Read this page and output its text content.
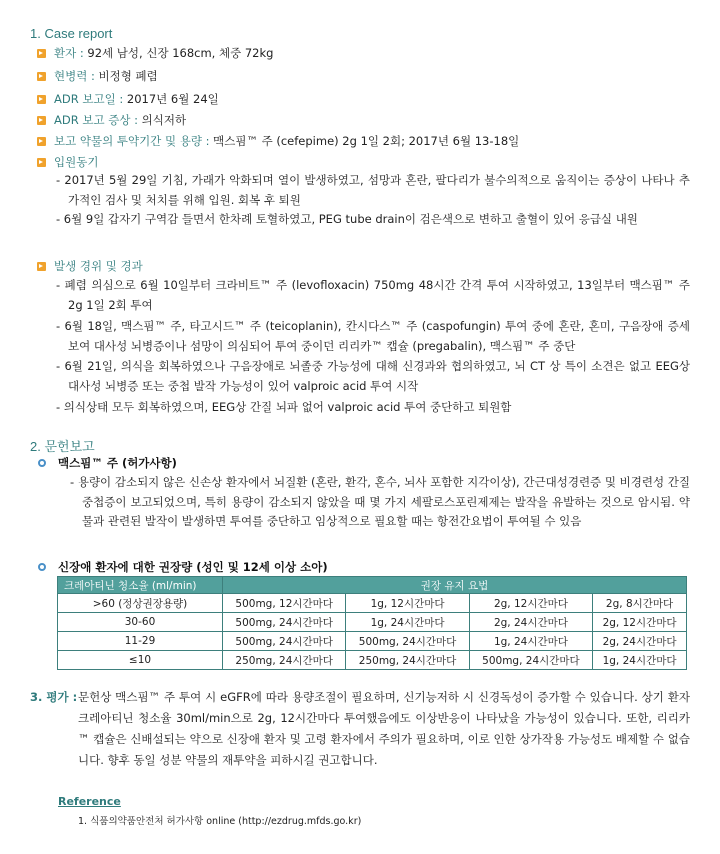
1. Case report
환자 : 92세 남성, 신장 168cm, 체중 72kg
현병력 : 비정형 폐렴
ADR 보고일 : 2017년 6월 24일
ADR 보고 증상 : 의식저하
보고 약물의 투약기간 및 용량 : 맥스핌™ 주 (cefepime) 2g 1일 2회; 2017년 6월 13-18일
입원동기
- 2017년 5월 29일 기침, 가래가 악화되며 열이 발생하였고, 섬망과 혼란, 팔다리가 불수의적으로 움직이는 증상이 나타나 추가적인 검사 및 처치를 위해 입원. 회복 후 퇴원
- 6월 9일 갑자기 구역감 들면서 한차례 토혈하였고, PEG tube drain이 검은색으로 변하고 출혈이 있어 응급실 내원
발생 경위 및 경과
- 폐렴 의심으로 6월 10일부터 크라비트™ 주 (levofloxacin) 750mg 48시간 간격 투여 시작하였고, 13일부터 맥스핌™ 주 2g 1일 2회 투여
- 6월 18일, 맥스핌™ 주, 타고시드™ 주 (teicoplanin), 칸시다스™ 주 (caspofungin) 투여 중에 혼란, 혼미, 구음장애 증세 보여 대사성 뇌병증이나 섬망이 의심되어 투여 중이던 리리카™ 캡슐 (pregabalin), 맥스핌™ 주 중단
- 6월 21일, 의식을 회복하였으나 구음장애로 뇌졸중 가능성에 대해 신경과와 협의하였고, 뇌 CT 상 특이 소견은 없고 EEG상 대사성 뇌병증 또는 중첩 발작 가능성이 있어 valproic acid 투여 시작
- 의식상태 모두 회복하였으며, EEG상 간질 뇌파 없어 valproic acid 투여 중단하고 퇴원함
2. 문헌보고
맥스핌™ 주 (허가사항)
- 용량이 감소되지 않은 신손상 환자에서 뇌질환 (혼란, 환각, 혼수, 뇌사 포함한 지각이상), 간근대성경련증 및 비경련성 간질중첩증이 보고되었으며, 특히 용량이 감소되지 않았을 때 몇 가지 세팔로스포린제제는 발작을 유발하는 것으로 암시됨. 약물과 관련된 발작이 발생하면 투여를 중단하고 임상적으로 필요할 때는 항전간요법이 투여될 수 있음
신장애 환자에 대한 권장량 (성인 및 12세 이상 소아)
크레아티닌 청소율 (ml/min)	권장 유지 요법			
>60 (정상권장용량)	500mg, 12시간마다	1g, 12시간마다	2g, 12시간마다	2g, 8시간마다
30-60	500mg, 24시간마다	1g, 24시간마다	2g, 24시간마다	2g, 12시간마다
11-29	500mg, 24시간마다	500mg, 24시간마다	1g, 24시간마다	2g, 24시간마다
≤10	250mg, 24시간마다	250mg, 24시간마다	500mg, 24시간마다	1g, 24시간마다
3. 평가 : 문헌상 맥스핌™ 주 투여 시 eGFR에 따라 용량조절이 필요하며, 신기능저하 시 신경독성이 증가할 수 있습니다. 상기 환자 크레아티닌 청소율 30ml/min으로 2g, 12시간마다 투여했음에도 이상반응이 나타났을 가능성이 있습니다. 또한, 리리카™ 캡슐은 신배설되는 약으로 신장애 환자 및 고령 환자에서 주의가 필요하며, 이로 인한 상가작용 가능성도 배제할 수 없습니다. 향후 동일 성분 약물의 재투약을 피하시길 권고합니다.
Reference
1. 식품의약품안전처 허가사항 online (http://ezdrug.mfds.go.kr)
